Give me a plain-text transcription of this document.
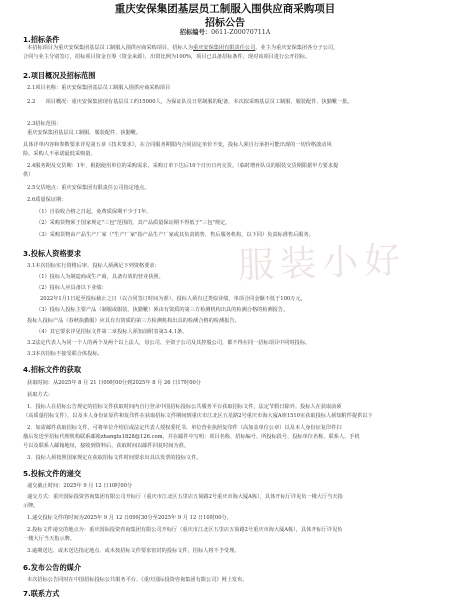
重庆安保集团基层员工制服入围供应商采购项目
招标公告
招标编号：0611-Z00070711A
1.招标条件
本招标项目为重庆安保集团基层员工制服入围供应商采购项目，招标人为重庆安保集团有限责任公司，业主为重庆安保集团各分子公司，
合同与业主分别签订，招标项目资金自筹（资金来源），出资比例为100%，项目已具备招标条件，现对该项目进行公开招标。
2.项目概况及招标范围
2.1项目名称：重庆安保集团基层员工制服入围供应商采购项目
2.2　　项目概况：重庆安保集团现有基层员工约15000人，为保证队员日常制服的配备，本次拟采购基层员工制服、服装配件、执勤靴一批。
2.3招标范围：
重庆安保集团基层员工制服、服装配件、执勤靴。
具体详单内容和参数要求详见第五章《技术要求》，在合同服务期限内合同固定单价不变，投标人须自行承担可能出现的一切价格波动风
险。采购人不承诺最低采购量。
2.4服务期及交货期：1年，根据使用单位的采购需求，采购订单下达后10个日历日内交货。（临时增补队员的服装交货期限据甲方要求提
供）
2.5交货地点：重庆安保集团有限责任公司指定地点。
2.6质量保证期：
（1）自验收合格之日起，免费质保期不少于1年。
（2）采购货物须于国家规定"三包"范围的，其产品质量保证期不得低于"三包"规定。
（3）采购货物由产品生产厂家（"生产厂家"指产品生产厂家或其负责销售、售后服务机构，以下同）负责标准售后服务。
3.投标人资格要求
3.1本次招标实行资格后审，投标人须满足下列资格要求：
（1）投标人为制造商或生产商，具备有效的营业执照。
（2）投标人应具备以下业绩：
2022年1月1日起至投标截止之日（以合同签订时间为准），投标人须有过类似业绩，单项合同金额不低于100万元。
（3）投标人投标主要产品（制服或服装、执勤靴）须由有资质的第三方检测机构出具的检测合格的检测报告。
投标人投标产品（春秋执勤服）应具有有资质的第三方检测机构出具的检测合格的检测报告。
（4）其它要求详见招标文件第二章投标人须知前附表第3.4.1条。
3.2法定代表人为同一个人的两个及两个以上法人，母公司、全资子公司及其控股公司，都不得在同一招标项目中同时投标。
3.3本次招标不接受联合体投标。
4.招标文件的获取
获取时间：从2025年 8 月 21 日09时00分到2025年 8 月 26 日17时00分
获取方式：
1．投标人在招标公告规定的招标文件获取时间内自行登录中国招标投标公共服务平台获取招标文件，法定节假日除外。投标人在获取前须
（高质量招标文件），以及本人身份证原件和复印件在获取招标文件期间到重庆市江北区五星路2号重庆市海大厦A座1510室获取投标人须知附件提供以下
2．如需邮件获取招标文件，可将单位介绍信或法定代表人授权委托书、单位营业执照复印件（高加盖单位公章）以及本人身份证复印件扫
描后发送至招标代理机构联系邮箱zhanglu1828@126.com，并在邮件中写明：项目名称、招标编号、所投标段号、投标单位名称、联系人、手机
号以及联系人邮箱地址，接收到资料后，获取时间以邮件回复时间为准。
3．投标人须按照国家规定在获取招标文件时间要求出具以发票的投标文件。
5.投标文件的递交
递交截止时间：2025年 9 月 12 日10时00分
递交方式：重庆国际投资咨询集团有限公司开标厅（重庆市江北区五里店五简路2号重庆市海大厦A栋），具体开标厅详见负一楼大厅当天指
示牌。
1.递交投标文件的时间为2025年 9 月 12 日09时30分至2025年 9 月 12 日10时00分。
2.投标文件递交的地点为：重庆国际投资咨询集团有限公司开标厅（重庆市江北区五里店五简路2号重庆市海大厦A栋），具体开标厅详见负
一楼大厅当天指示牌。
3.逾期送达、或未送达指定地点、或未按招标文件要求密封的投标文件，招标人将不予受理。
6.发布公告的媒介
本次招标公告同时在中国招标投标公共服务平台、《重庆国际投资咨询集团有限公司》网上发布。
7.联系方式
服装小好
